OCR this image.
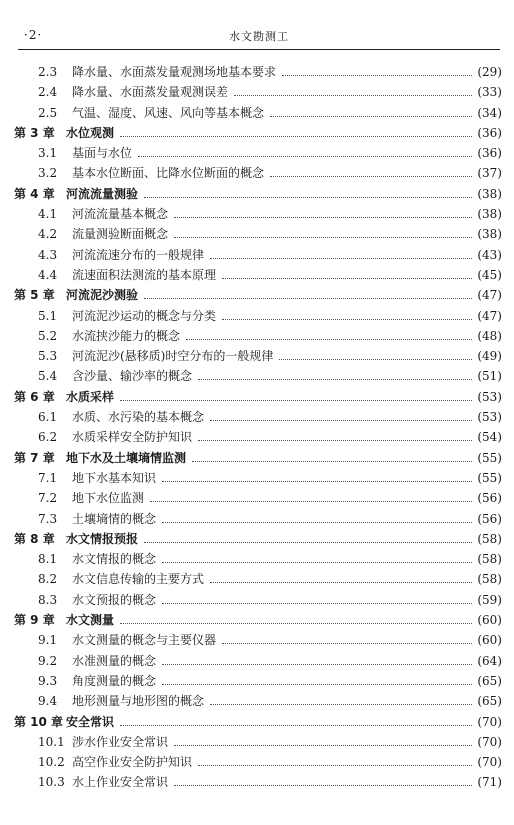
·2·	水文勘测工
2.3 降水量、水面蒸发量观测场地基本要求	(29)
2.4 降水量、水面蒸发量观测误差	(33)
2.5 气温、湿度、风速、风向等基本概念	(34)
第 3 章 水位观测	(36)
3.1 基面与水位	(36)
3.2 基本水位断面、比降水位断面的概念	(37)
第 4 章 河流流量测验	(38)
4.1 河流流量基本概念	(38)
4.2 流量测验断面概念	(38)
4.3 河流流速分布的一般规律	(43)
4.4 流速面积法测流的基本原理	(45)
第 5 章 河流泥沙测验	(47)
5.1 河流泥沙运动的概念与分类	(47)
5.2 水流挟沙能力的概念	(48)
5.3 河流泥沙(悬移质)时空分布的一般规律	(49)
5.4 含沙量、输沙率的概念	(51)
第 6 章 水质采样	(53)
6.1 水质、水污染的基本概念	(53)
6.2 水质采样安全防护知识	(54)
第 7 章 地下水及土壤墒情监测	(55)
7.1 地下水基本知识	(55)
7.2 地下水位监测	(56)
7.3 土壤墒情的概念	(56)
第 8 章 水文情报预报	(58)
8.1 水文情报的概念	(58)
8.2 水文信息传输的主要方式	(58)
8.3 水文预报的概念	(59)
第 9 章 水文测量	(60)
9.1 水文测量的概念与主要仪器	(60)
9.2 水准测量的概念	(64)
9.3 角度测量的概念	(65)
9.4 地形测量与地形图的概念	(65)
第 10 章 安全常识	(70)
10.1 涉水作业安全常识	(70)
10.2 高空作业安全防护知识	(70)
10.3 水上作业安全常识	(71)
